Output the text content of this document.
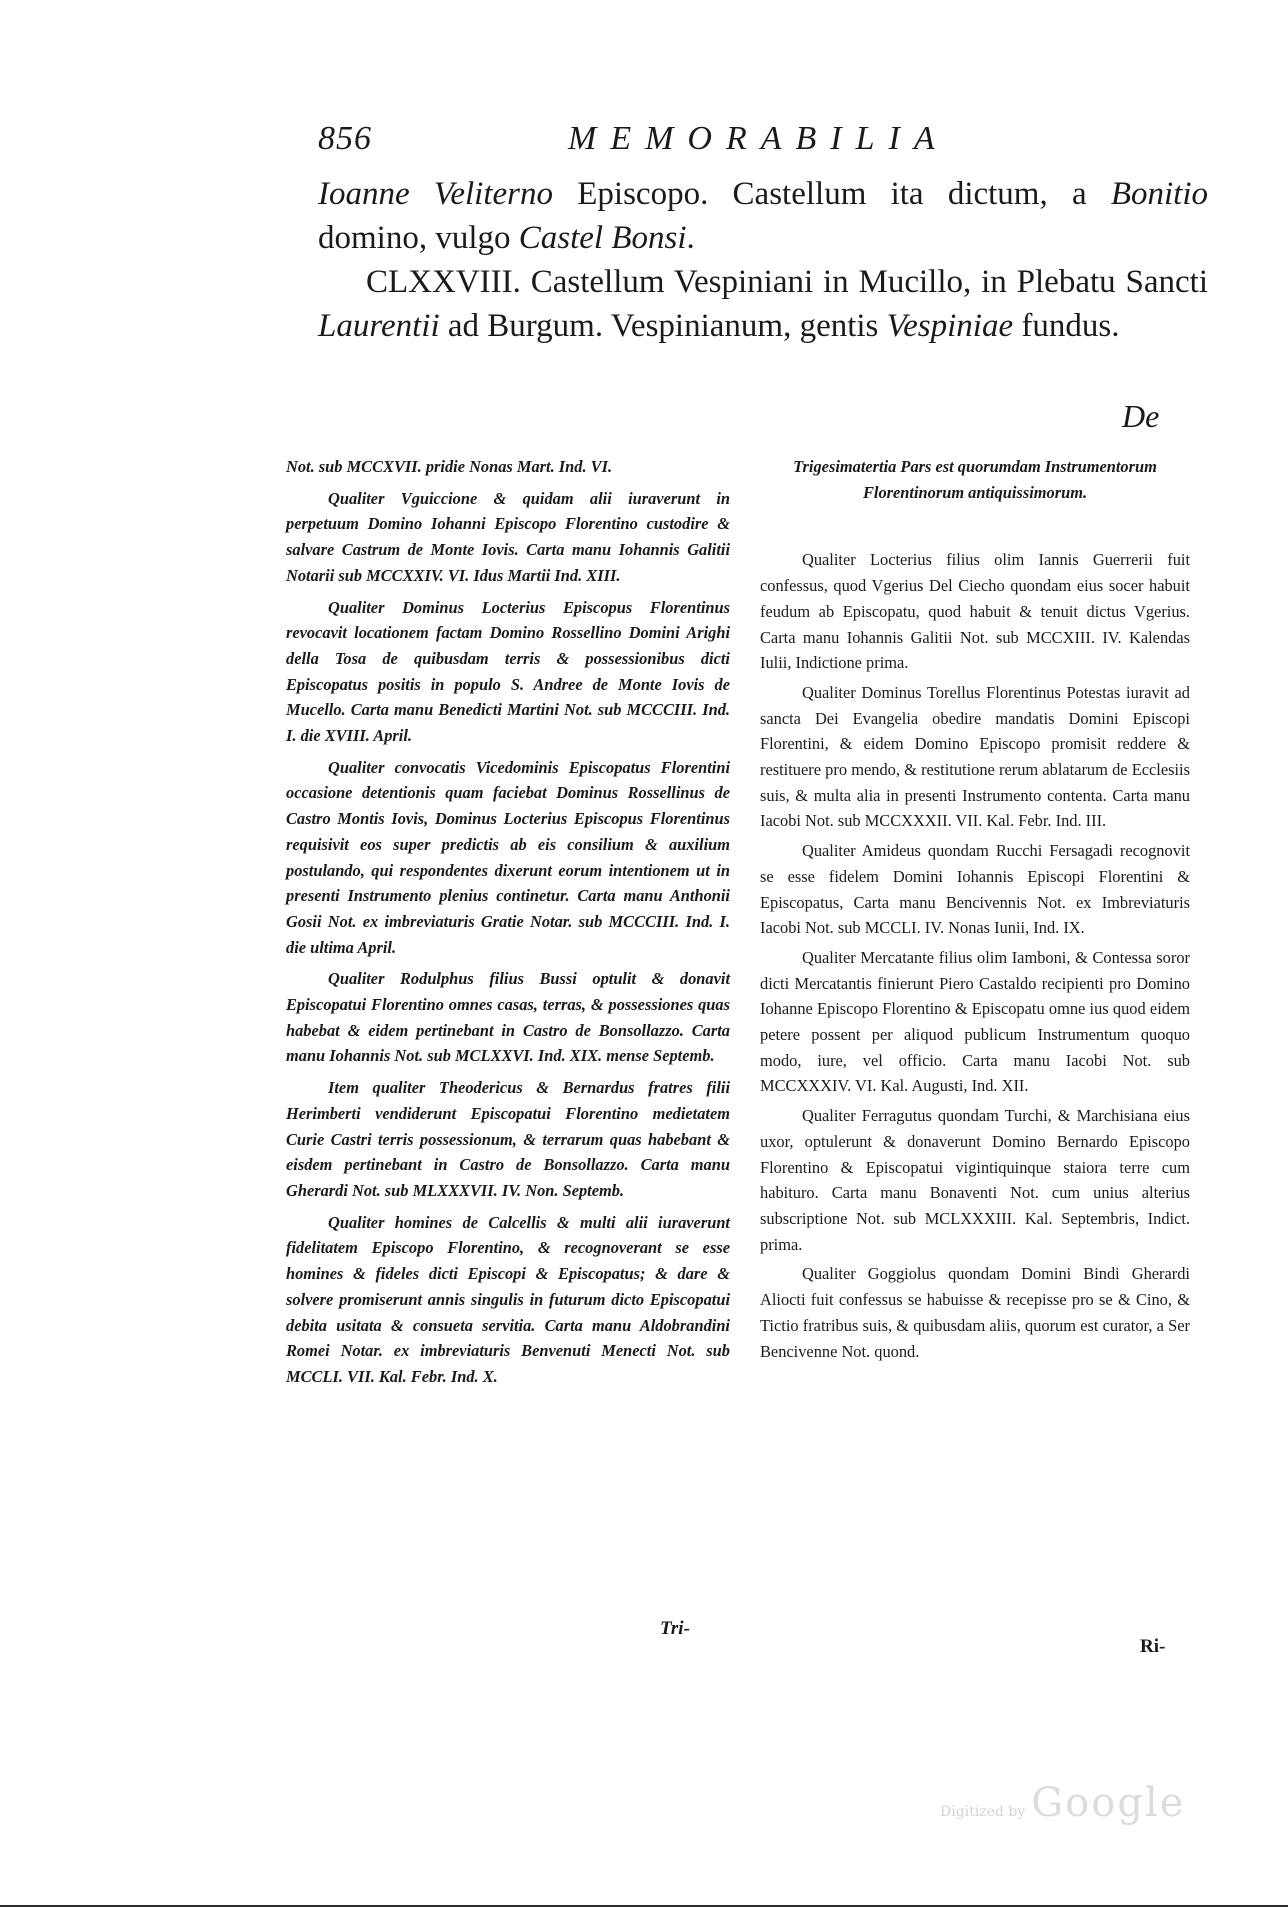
856	MEMORABILIA

Ioanne Veliterno Episcopo. Castellum ita dictum, a Bonitio domino, vulgo Castel Bonsi.

CLXXVIII. Castellum Vespiniani in Mucillo, in Plebatu Sancti Laurentii ad Burgum. Vespinianum, gentis Vespiniae fundus.

De

Not. sub MCCXVII. pridie Nonas Mart. Ind. VI.

Qualiter Vguiccione & quidam alii iuraverunt in perpetuum Domino Iohanni Episcopo Florentino custodire & salvare Castrum de Monte Iovis. Carta manu Iohannis Galitii Notarii sub MCCXXIV. VI. Idus Martii Ind. XIII.

Qualiter Dominus Locterius Episcopus Florentinus revocavit locationem factam Domino Rossellino Domini Arighi della Tosa de quibusdam terris & possessionibus dicti Episcopatus positis in populo S. Andree de Monte Iovis de Mucello. Carta manu Benedicti Martini Not. sub MCCCIII. Ind. I. die XVIII. April.

Qualiter convocatis Vicedominis Episcopatus Florentini occasione detentionis quam faciebat Dominus Rossellinus de Castro Montis Iovis, Dominus Locterius Episcopus Florentinus requisivit eos super predictis ab eis consilium & auxilium postulando, qui respondentes dixerunt eorum intentionem ut in presenti Instrumento plenius continetur. Carta manu Anthonii Gosii Not. ex imbreviaturis Gratie Notar. sub MCCCIII. Ind. I. die ultima April.

Qualiter Rodulphus filius Bussi optulit & donavit Episcopatui Florentino omnes casas, terras, & possessiones quas habebat & eidem pertinebant in Castro de Bonsollazzo. Carta manu Iohannis Not. sub MCLXXVI. Ind. XIX. mense Septemb.

Item qualiter Theodericus & Bernardus fratres filii Herimberti vendiderunt Episcopatui Florentino medietatem Curie Castri terris possessionum, & terrarum quas habebant & eisdem pertinebant in Castro de Bonsollazzo. Carta manu Gherardi Not. sub MLXXXVII. IV. Non. Septemb.

Qualiter homines de Calcellis & multi alii iuraverunt fidelitatem Episcopo Florentino, & recognoverant se esse homines & fideles dicti Episcopi & Episcopatus; & dare & solvere promiserunt annis singulis in futurum dicto Episcopatui debita usitata & consueta servitia. Carta manu Aldobrandini Romei Notar. ex imbreviaturis Benvenuti Menecti Not. sub MCCLI. VII. Kal. Febr. Ind. X.

Trigesimatertia Pars est quorumdam Instrumentorum Florentinorum antiquissimorum.

Qualiter Locterius filius olim Iannis Guerrerii fuit confessus, quod Vgerius Del Ciecho quondam eius socer habuit feudum ab Episcopatu, quod habuit & tenuit dictus Vgerius. Carta manu Iohannis Galitii Not. sub MCCXIII. IV. Kalendas Iulii, Indictione prima.

Qualiter Dominus Torellus Florentinus Potestas iuravit ad sancta Dei Evangelia obedire mandatis Domini Episcopi Florentini, & eidem Domino Episcopo promisit reddere & restituere pro mendo, & restitutione rerum ablatarum de Ecclesiis suis, & multa alia in presenti Instrumento contenta. Carta manu Iacobi Not. sub MCCXXXII. VII. Kal. Febr. Ind. III.

Qualiter Amideus quondam Rucchi Fersagadi recognovit se esse fidelem Domini Iohannis Episcopi Florentini & Episcopatus, Carta manu Bencivennis Not. ex Imbreviaturis Iacobi Not. sub MCCLI. IV. Nonas Iunii, Ind. IX.

Qualiter Mercatante filius olim Iamboni, & Contessa soror dicti Mercatantis finierunt Piero Castaldo recipienti pro Domino Iohanne Episcopo Florentino & Episcopatu omne ius quod eidem petere possent per aliquod publicum Instrumentum quoquo modo, iure, vel officio. Carta manu Iacobi Not. sub MCCXXXIV. VI. Kal. Augusti, Ind. XII.

Qualiter Ferragutus quondam Turchi, & Marchisiana eius uxor, optulerunt & donaverunt Domino Bernardo Episcopo Florentino & Episcopatui vigintiquinque staiora terre cum habituro. Carta manu Bonaventi Not. cum unius alterius subscriptione Not. sub MCLXXXIII. Kal. Septembris, Indict. prima.

Qualiter Goggiolus quondam Domini Bindi Gherardi Aliocti fuit confessus se habuisse & recepisse pro se & Cino, & Tictio fratribus suis, & quibusdam aliis, quorum est curator, a Ser Bencivenne Not. quond.

Tri-
Ri-
Digitized by Google
